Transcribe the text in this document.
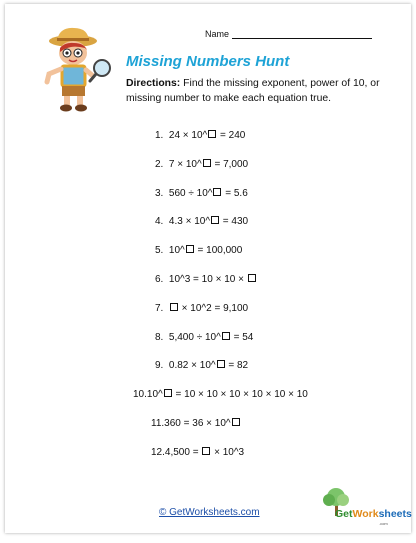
Name
Missing Numbers Hunt
Directions: Find the missing exponent, power of 10, or missing number to make each equation true.
1.  24 × 10^ = 240
2.  7 × 10^ = 7,000
3.  560 ÷ 10^ = 5.6
4.  4.3 × 10^ = 430
5.  10^ = 100,000
6.  10^3 = 10 × 10 ×
7.   × 10^2 = 9,100
8.  5,400 ÷ 10^ = 54
9.  0.82 × 10^ = 82
10.10^ = 10 × 10 × 10 × 10 × 10 × 10
11.360 = 36 × 10^
12.4,500 =  × 10^3
© GetWorksheets.com	GetWorksheets
.com
